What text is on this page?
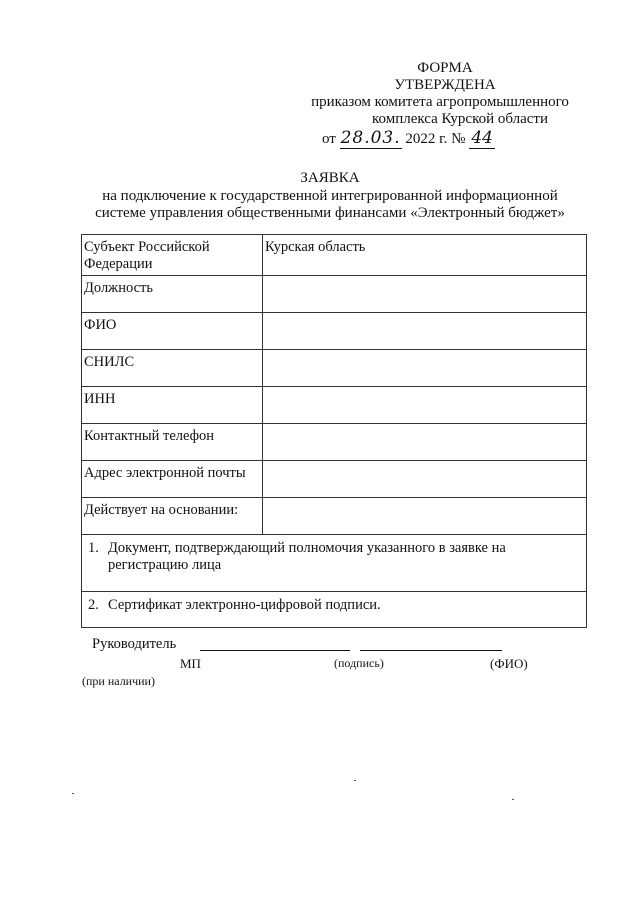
ФОРМА
УТВЕРЖДЕНА
приказом комитета агропромышленного
комплекса Курской области
от 28.03. 2022 г. № 44
ЗАЯВКА
на подключение к государственной интегрированной информационной
системе управления общественными финансами «Электронный бюджет»
Субъект Российской Федерации	Курская область
Должность	
ФИО	
СНИЛС	
ИНН	
Контактный телефон	
Адрес электронной почты	
Действует на основании:	

1. Документ, подтверждающий полномочия указанного в заявке на регистрацию лица	

2. Сертификат электронно-цифровой подписи.	
Руководитель
МП	(подпись)	(ФИО)
(при наличии)
